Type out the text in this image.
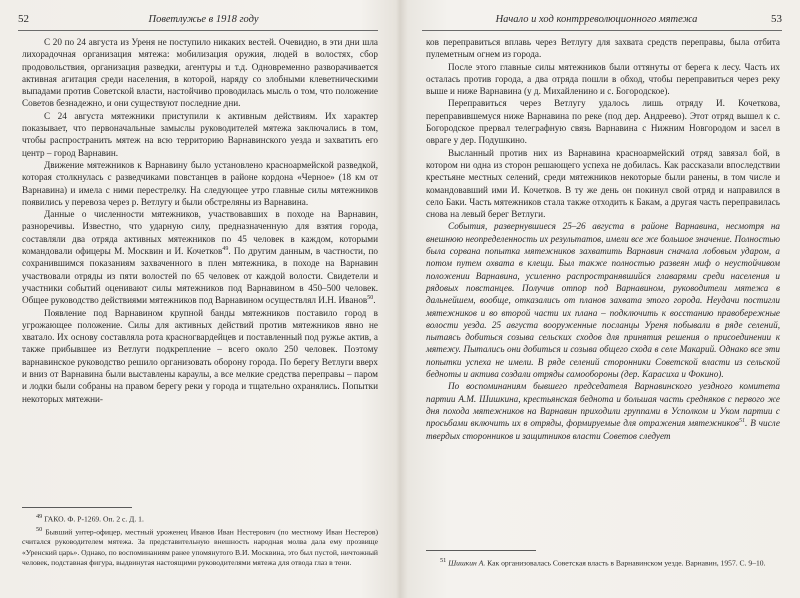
52	Поветлужье в 1918 году

С 20 по 24 августа из Уреня не поступило никаких вестей. Очевидно, в эти дни шла лихорадочная организация мятежа: мобилизация оружия, людей в волостях, сбор продовольствия, организация разведки, агентуры и т.д. Одновременно разворачивается активная агитация среди населения, в которой, наряду со злобными клеветническими выпадами против Советской власти, настойчиво проводилась мысль о том, что положение Советов безнадежно, и они существуют последние дни.

С 24 августа мятежники приступили к активным действиям. Их характер показывает, что первоначальные замыслы руководителей мятежа заключались в том, чтобы распространить мятеж на всю территорию Варнавинского уезда и захватить его центр – город Варнавин.

Движение мятежников к Варнавину было установлено красноармейской разведкой, которая столкнулась с разведчиками повстанцев в районе кордона «Черное» (18 км от Варнавина) и имела с ними перестрелку. На следующее утро главные силы мятежников появились у перевоза через р. Ветлугу и были обстреляны из Варнавина.

Данные о численности мятежников, участвовавших в походе на Варнавин, разноречивы. Известно, что ударную силу, предназначенную для взятия города, составляли два отряда активных мятежников по 45 человек в каждом, которыми командовали офицеры М. Москвин и И. Кочетков$^{49}$. По другим данным, в частности, по сохранившимся показаниям захваченного в плен мятежника, в походе на Варнавин участвовали отряды из пяти волостей по 65 человек от каждой волости. Свидетели и участники событий оценивают силы мятежников под Варнавином в 450–500 человек. Общее руководство действиями мятежников под Варнавином осуществлял И.Н. Иванов$^{50}$.

Появление под Варнавином крупной банды мятежников поставило город в угрожающее положение. Силы для активных действий против мятежников явно не хватало. Их основу составляла рота красногвардейцев и поставленный под ружье актив, а также прибывшее из Ветлуги подкрепление – всего около 250 человек. Поэтому варнавинское руководство решило организовать оборону города. По берегу Ветлуги вверх и вниз от Варнавина были выставлены караулы, а все мелкие средства переправы – паром и лодки были собраны на правом берегу реки у города и тщательно охранялись. Попытки некоторых мятежни-

$^{49}$ ГАКО. Ф. Р-1269. Оп. 2 с. Д. 1.

$^{50}$ Бывший унтер-офицер, местный уроженец Иванов Иван Нестерович (по местному Иван Нестеров) считался руководителем мятежа. За представительную внешность народная молва дала ему прозвище «Уренский царь». Однако, по воспоминаниям ранее упомянутого В.И. Москвина, это был пустой, ничтожный человек, подставная фигура, выдвинутая настоящими руководителями мятежа для отвода глаз в тени.

Начало и ход контрреволюционного мятежа	53

ков переправиться вплавь через Ветлугу для захвата средств переправы, была отбита пулеметным огнем из города.

После этого главные силы мятежников были оттянуты от берега к лесу. Часть их осталась против города, а два отряда пошли в обход, чтобы переправиться через реку выше и ниже Варнавина (у д. Михайленино и с. Богородское).

Переправиться через Ветлугу удалось лишь отряду И. Кочеткова, переправившемуся ниже Варнавина по реке (под дер. Андреево). Этот отряд вышел к с. Богородское прервал телеграфную связь Варнавина с Нижним Новгородом и засел в овраге у дер. Подушкино.

Высланный против них из Варнавина красноармейский отряд завязал бой, в котором ни одна из сторон решающего успеха не добилась. Как рассказали впоследствии крестьяне местных селений, среди мятежников некоторые были ранены, в том числе и командовавший ими И. Кочетков. В ту же день он покинул свой отряд и направился в село Баки. Часть мятежников стала также отходить к Бакам, а другая часть переправилась снова на левый берег Ветлуги.

События, развернувшиеся 25–26 августа в районе Варнавина, несмотря на внешнюю неопределенность их результатов, имели все же большое значение. Полностью была сорвана попытка мятежников захватить Варнавин сначала лобовым ударом, а потом путем охвата в клещи. Был также полностью развеян миф о неустойчивом положении Варнавина, усиленно распространявшийся главарями среди населения и рядовых повстанцев. Получив отпор под Варнавином, руководители мятежа в дальнейшем, вообще, отказались от планов захвата этого города. Неудачи постигли мятежников и во второй части их плана – подключить к восстанию правобережные волости уезда. 25 августа вооруженные посланцы Уреня побывали в ряде селений, пытаясь добиться созыва сельских сходов для принятия решения о присоединении к мятежу. Пытались они добиться и созыва общего схода в селе Макарий. Однако все эти попытки успеха не имели. В ряде селений сторонники Советской власти из сельской бедноты и актива создали отряды самообороны (дер. Карасиха и Фокино).

По воспоминаниям бывшего председателя Варнавинского уездного комитета партии А.М. Шишкина, крестьянская беднота и большая часть средняков с первого же дня похода мятежников на Варнавин приходили группами в Усполком и Уком партии с просьбами включить их в отряды, формируемые для отражения мятежников$^{51}$. В числе твердых сторонников и защитников власти Советов следует

$^{51}$ Шишкин А. Как организовалась Советская власть в Варнавинском уезде. Варнавин, 1957. С. 9–10.
